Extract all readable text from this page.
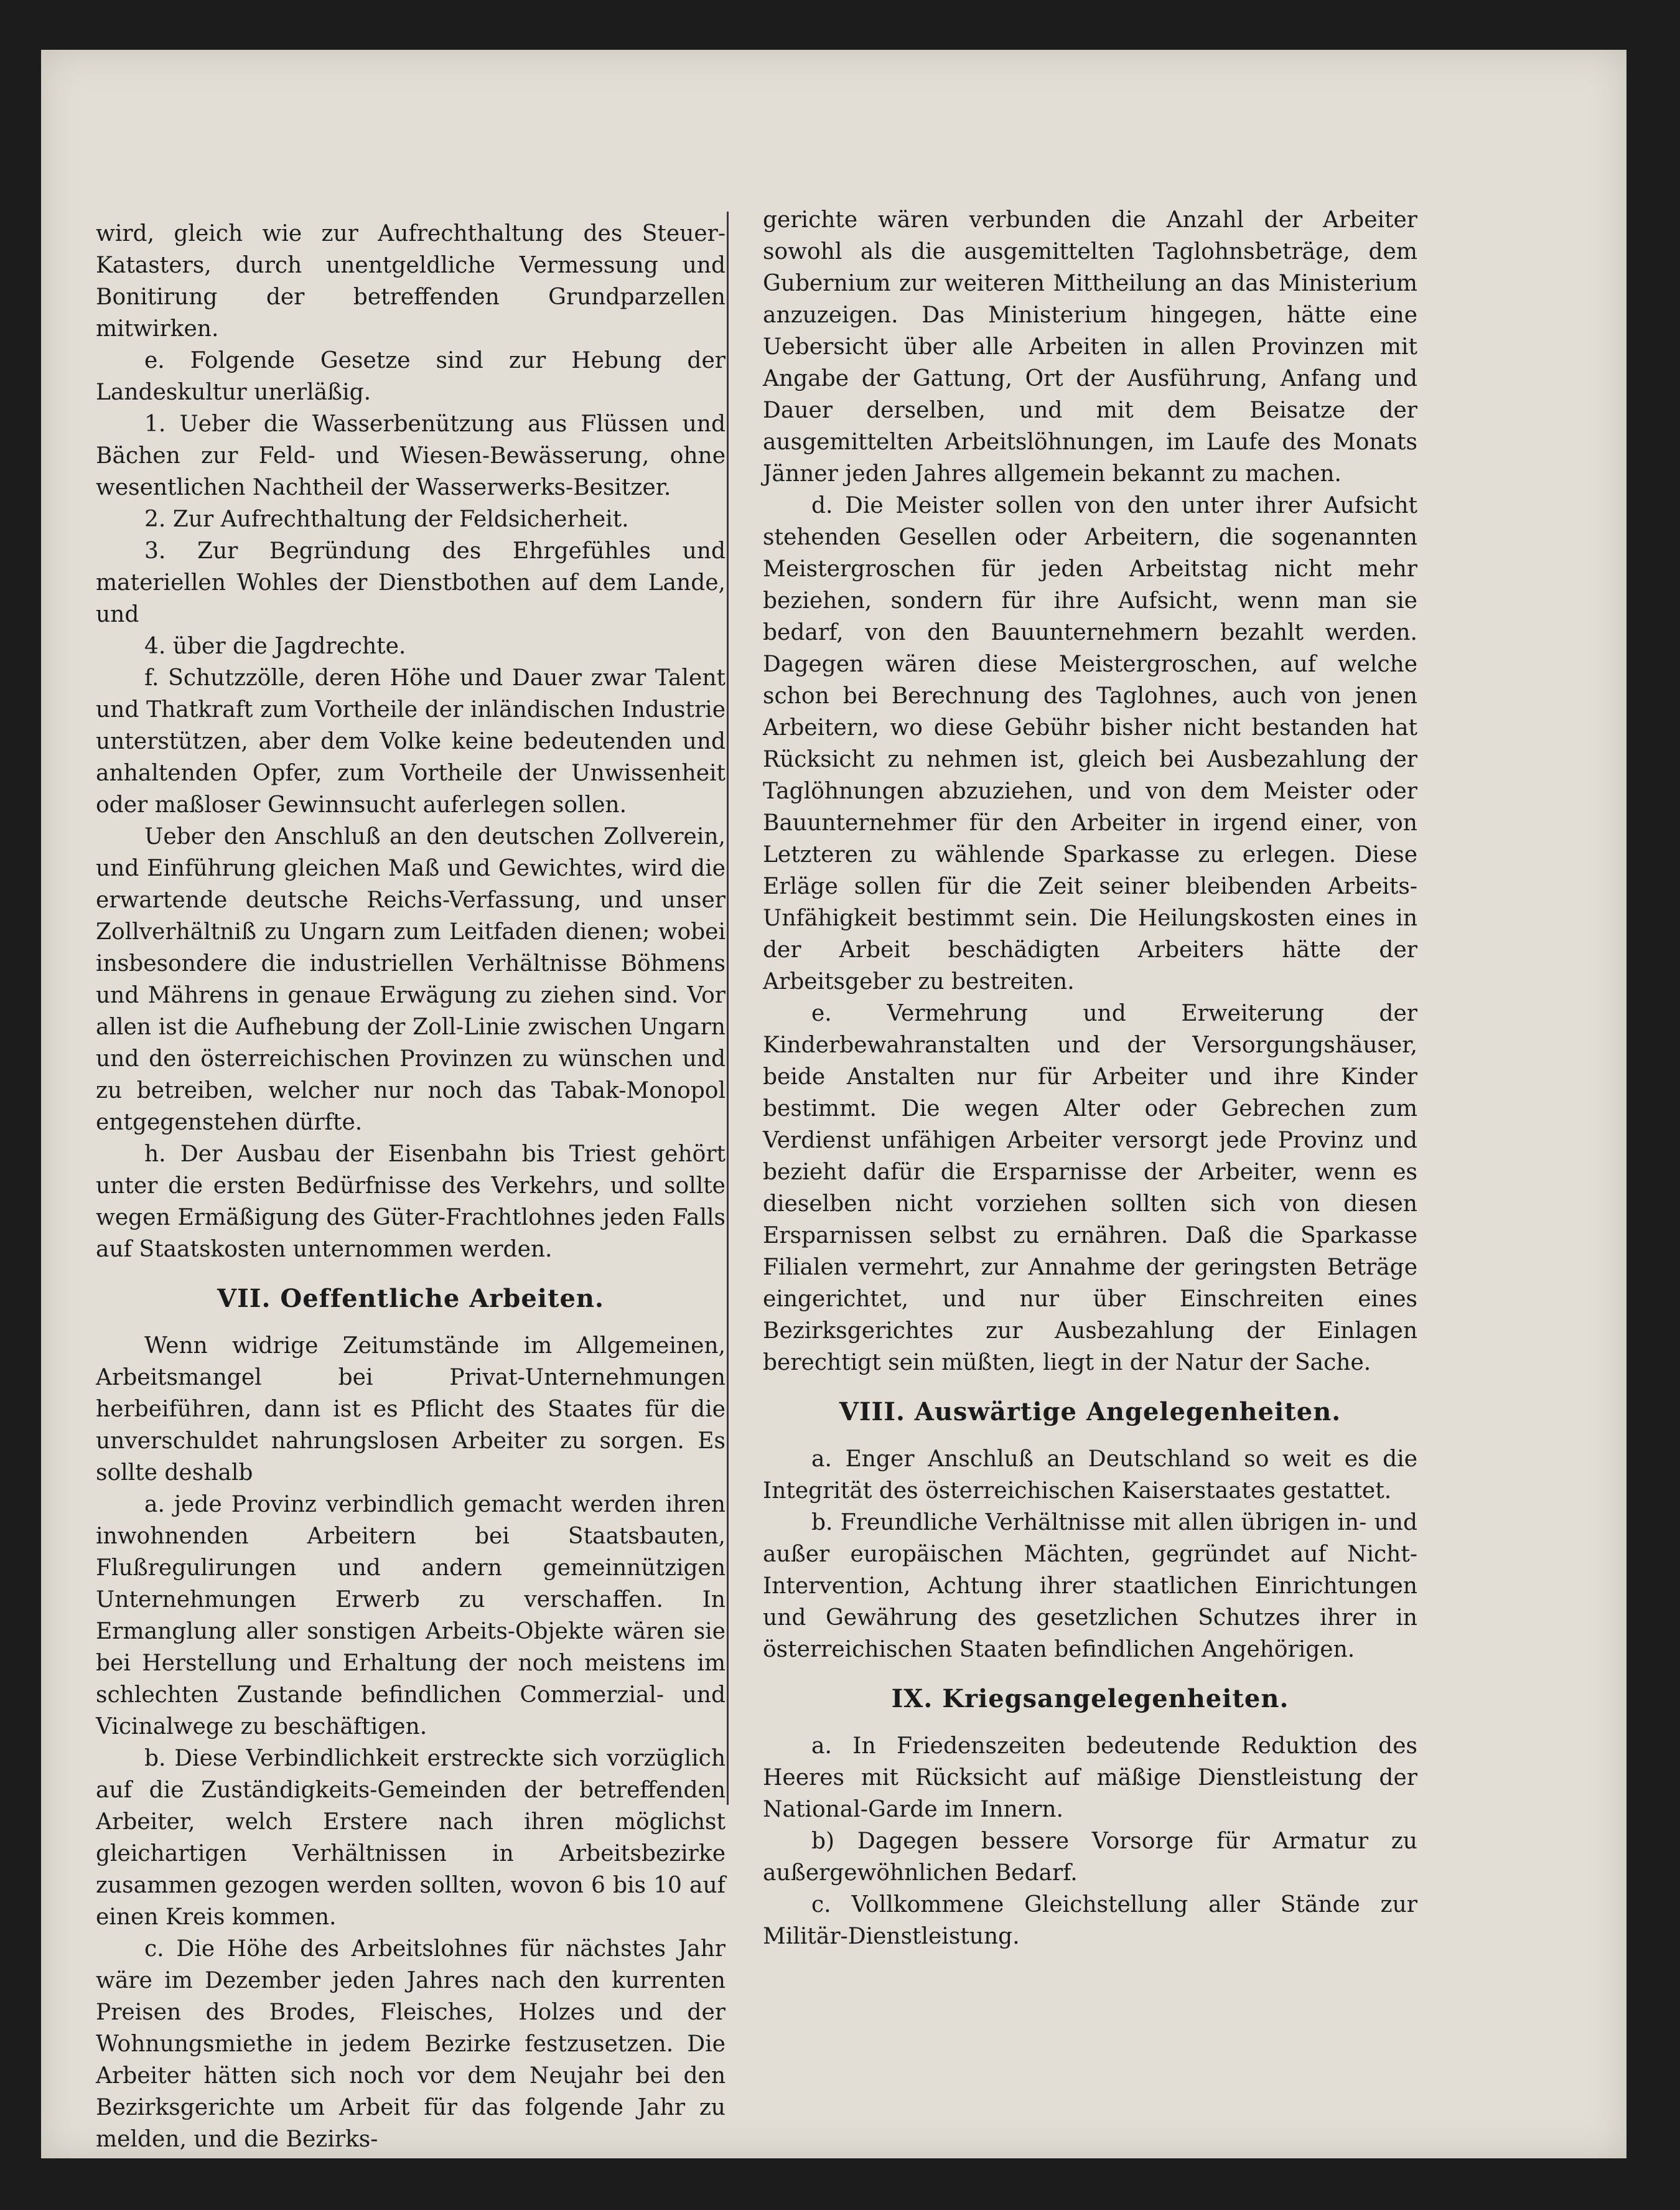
wird, gleich wie zur Aufrechthaltung des Steuer-Katasters, durch unentgeldliche Vermessung und Bonitirung der betreffenden Grundparzellen mitwirken.

e. Folgende Gesetze sind zur Hebung der Landeskultur unerläßig.

1. Ueber die Wasserbenützung aus Flüssen und Bächen zur Feld- und Wiesen-Bewässerung, ohne wesentlichen Nachtheil der Wasserwerks-Besitzer.

2. Zur Aufrechthaltung der Feldsicherheit.

3. Zur Begründung des Ehrgefühles und materiellen Wohles der Dienstbothen auf dem Lande, und

4. über die Jagdrechte.

f. Schutzzölle, deren Höhe und Dauer zwar Talent und Thatkraft zum Vortheile der inländischen Industrie unterstützen, aber dem Volke keine bedeutenden und anhaltenden Opfer, zum Vortheile der Unwissenheit oder maßloser Gewinnsucht auferlegen sollen.

Ueber den Anschluß an den deutschen Zollverein, und Einführung gleichen Maß und Gewichtes, wird die erwartende deutsche Reichs-Verfassung, und unser Zollverhältniß zu Ungarn zum Leitfaden dienen; wobei insbesondere die industriellen Verhältnisse Böhmens und Mährens in genaue Erwägung zu ziehen sind. Vor allen ist die Aufhebung der Zoll-Linie zwischen Ungarn und den österreichischen Provinzen zu wünschen und zu betreiben, welcher nur noch das Tabak-Monopol entgegenstehen dürfte.

h. Der Ausbau der Eisenbahn bis Triest gehört unter die ersten Bedürfnisse des Verkehrs, und sollte wegen Ermäßigung des Güter-Frachtlohnes jeden Falls auf Staatskosten unternommen werden.

VII. Oeffentliche Arbeiten.

Wenn widrige Zeitumstände im Allgemeinen, Arbeitsmangel bei Privat-Unternehmungen herbeiführen, dann ist es Pflicht des Staates für die unverschuldet nahrungslosen Arbeiter zu sorgen. Es sollte deshalb

a. jede Provinz verbindlich gemacht werden ihren inwohnenden Arbeitern bei Staatsbauten, Flußregulirungen und andern gemeinnützigen Unternehmungen Erwerb zu verschaffen. In Ermanglung aller sonstigen Arbeits-Objekte wären sie bei Herstellung und Erhaltung der noch meistens im schlechten Zustande befindlichen Commerzial- und Vicinalwege zu beschäftigen.

b. Diese Verbindlichkeit erstreckte sich vorzüglich auf die Zuständigkeits-Gemeinden der betreffenden Arbeiter, welch Erstere nach ihren möglichst gleichartigen Verhältnissen in Arbeitsbezirke zusammen gezogen werden sollten, wovon 6 bis 10 auf einen Kreis kommen.

c. Die Höhe des Arbeitslohnes für nächstes Jahr wäre im Dezember jeden Jahres nach den kurrenten Preisen des Brodes, Fleisches, Holzes und der Wohnungsmiethe in jedem Bezirke festzusetzen. Die Arbeiter hätten sich noch vor dem Neujahr bei den Bezirksgerichte um Arbeit für das folgende Jahr zu melden, und die Bezirks-

gerichte wären verbunden die Anzahl der Arbeiter sowohl als die ausgemittelten Taglohnsbeträge, dem Gubernium zur weiteren Mittheilung an das Ministerium anzuzeigen. Das Ministerium hingegen, hätte eine Uebersicht über alle Arbeiten in allen Provinzen mit Angabe der Gattung, Ort der Ausführung, Anfang und Dauer derselben, und mit dem Beisatze der ausgemittelten Arbeitslöhnungen, im Laufe des Monats Jänner jeden Jahres allgemein bekannt zu machen.

d. Die Meister sollen von den unter ihrer Aufsicht stehenden Gesellen oder Arbeitern, die sogenannten Meistergroschen für jeden Arbeitstag nicht mehr beziehen, sondern für ihre Aufsicht, wenn man sie bedarf, von den Bauunternehmern bezahlt werden. Dagegen wären diese Meistergroschen, auf welche schon bei Berechnung des Taglohnes, auch von jenen Arbeitern, wo diese Gebühr bisher nicht bestanden hat Rücksicht zu nehmen ist, gleich bei Ausbezahlung der Taglöhnungen abzuziehen, und von dem Meister oder Bauunternehmer für den Arbeiter in irgend einer, von Letzteren zu wählende Sparkasse zu erlegen. Diese Erläge sollen für die Zeit seiner bleibenden Arbeits-Unfähigkeit bestimmt sein. Die Heilungskosten eines in der Arbeit beschädigten Arbeiters hätte der Arbeitsgeber zu bestreiten.

e. Vermehrung und Erweiterung der Kinderbewahranstalten und der Versorgungshäuser, beide Anstalten nur für Arbeiter und ihre Kinder bestimmt. Die wegen Alter oder Gebrechen zum Verdienst unfähigen Arbeiter versorgt jede Provinz und bezieht dafür die Ersparnisse der Arbeiter, wenn es dieselben nicht vorziehen sollten sich von diesen Ersparnissen selbst zu ernähren. Daß die Sparkasse Filialen vermehrt, zur Annahme der geringsten Beträge eingerichtet, und nur über Einschreiten eines Bezirksgerichtes zur Ausbezahlung der Einlagen berechtigt sein müßten, liegt in der Natur der Sache.

VIII. Auswärtige Angelegenheiten.

a. Enger Anschluß an Deutschland so weit es die Integrität des österreichischen Kaiserstaates gestattet.

b. Freundliche Verhältnisse mit allen übrigen in- und außer europäischen Mächten, gegründet auf Nicht-Intervention, Achtung ihrer staatlichen Einrichtungen und Gewährung des gesetzlichen Schutzes ihrer in österreichischen Staaten befindlichen Angehörigen.

IX. Kriegsangelegenheiten.

a. In Friedenszeiten bedeutende Reduktion des Heeres mit Rücksicht auf mäßige Dienstleistung der National-Garde im Innern.

b) Dagegen bessere Vorsorge für Armatur zu außergewöhnlichen Bedarf.

c. Vollkommene Gleichstellung aller Stände zur Militär-Dienstleistung.
